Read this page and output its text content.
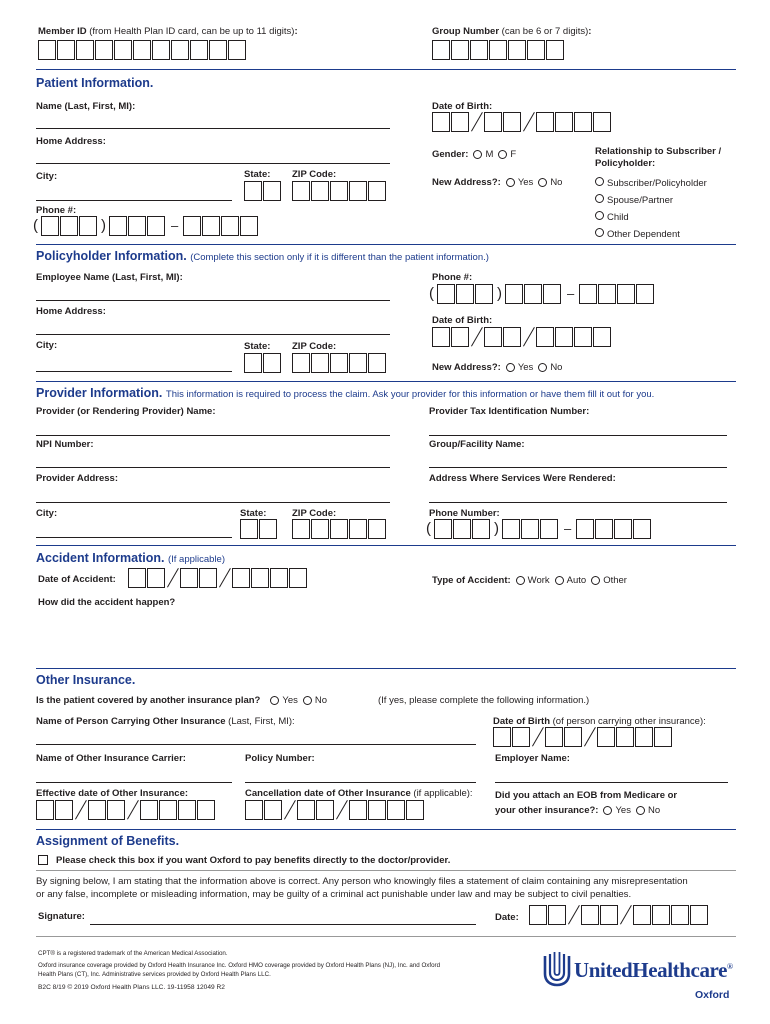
Member ID (from Health Plan ID card, can be up to 11 digits):	Group Number (can be 6 or 7 digits):
Patient Information.
Name (Last, First, MI):	Date of Birth:
Home Address:
Gender: M F	Relationship to Subscriber /
Policyholder:
Subscriber/Policyholder
Spouse/Partner
Child
Other Dependent
City:	State: ZIP Code:
New Address?: Yes No
Phone #:
(	)	–
Policyholder Information. (Complete this section only if it is different than the patient information.)
Employee Name (Last, First, MI):	Phone #:
(	)	–
Home Address:
Date of Birth:
City:	State: ZIP Code:
New Address?: Yes No
Provider Information. This information is required to process the claim. Ask your provider for this information or have them fill it out for you.
Provider (or Rendering Provider) Name:	Provider Tax Identification Number:
NPI Number:	Group/Facility Name:
Provider Address:	Address Where Services Were Rendered:
City:	State:	ZIP Code:	Phone Number:
(	)	–
Accident Information. (If applicable)
Date of Accident:	Type of Accident: Work Auto Other
How did the accident happen?
Other Insurance.
Is the patient covered by another insurance plan? Yes No	(If yes, please complete the following information.)
Name of Person Carrying Other Insurance (Last, First, MI):	Date of Birth (of person carrying other insurance):
Name of Other Insurance Carrier:	Policy Number:	Employer Name:
Effective date of Other Insurance:	Cancellation date of Other Insurance (if applicable): Did you attach an EOB from Medicare or
your other insurance?: Yes No
Assignment of Benefits.
Please check this box if you want Oxford to pay benefits directly to the doctor/provider.
By signing below, I am stating that the information above is correct. Any person who knowingly files a statement of claim containing any misrepresentation
or any false, incomplete or misleading information, may be guilty of a criminal act punishable under law and may be subject to civil penalties.
Signature:	Date:
CPT® is a registered trademark of the American Medical Association.
Oxford insurance coverage provided by Oxford Health Insurance Inc. Oxford HMO coverage provided by Oxford Health Plans (NJ), Inc. and Oxford
Health Plans (CT), Inc. Administrative services provided by Oxford Health Plans LLC.
B2C 8/19 © 2019 Oxford Health Plans LLC. 19-11958 12049 R2
UnitedHealthcare®
Oxford
